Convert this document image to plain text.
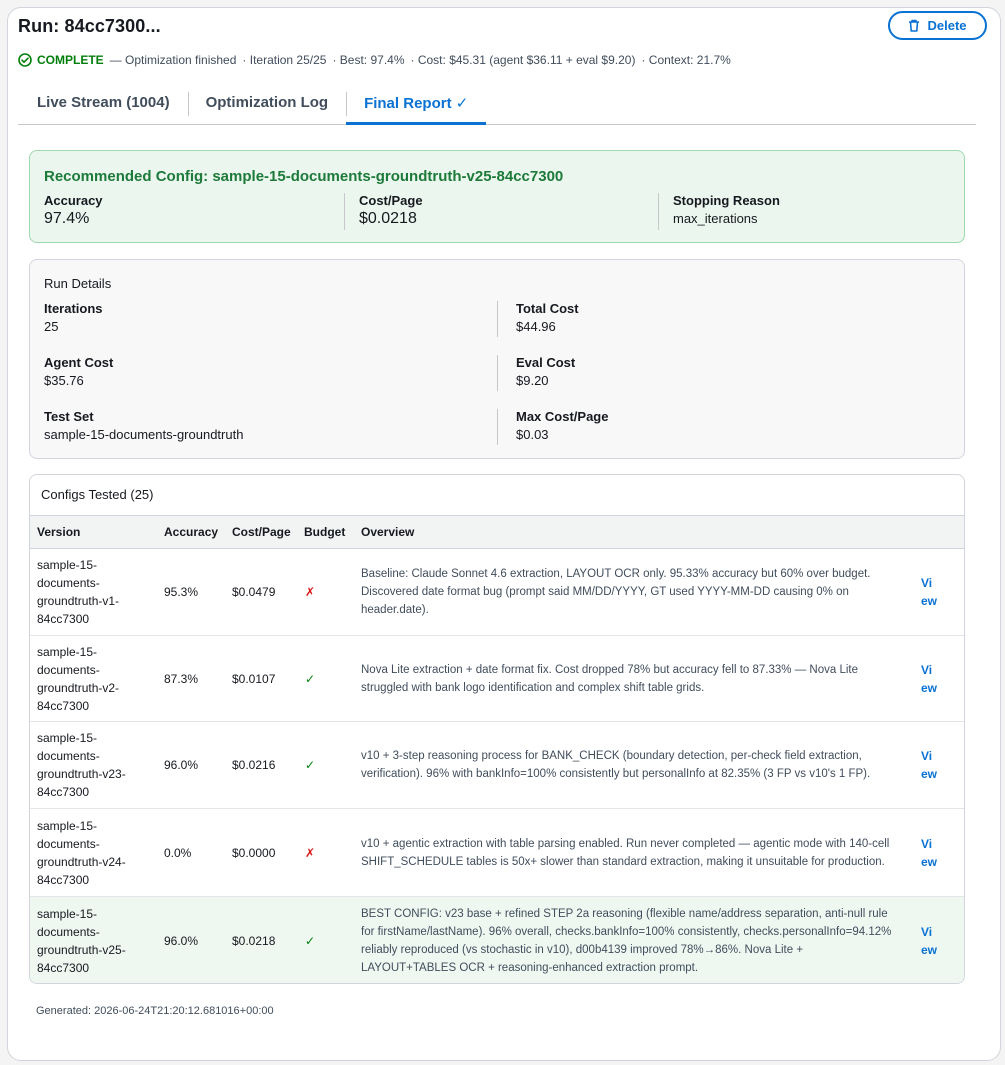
Run: 84cc7300...	Delete
COMPLETE — Optimization finished · Iteration 25/25 · Best: 97.4% · Cost: $45.31 (agent $36.11 + eval $9.20) · Context: 21.7%
Live Stream (1004)	Optimization Log	Final Report ✓
Recommended Config: sample-15-documents-groundtruth-v25-84cc7300
Accuracy
97.4%
Cost/Page
$0.0218
Stopping Reason
max_iterations
Run Details
Iterations
25
Total Cost
$44.96
Agent Cost
$35.76
Eval Cost
$9.20
Test Set
sample-15-documents-groundtruth
Max Cost/Page
$0.03
Configs Tested (25)
Version	Accuracy Cost/Page Budget Overview
sample-15-documents-groundtruth-v1-84cc7300
95.3%	$0.0479 ✗
Baseline: Claude Sonnet 4.6 extraction, LAYOUT OCR only. 95.33% accuracy but 60% over budget. Discovered date format bug (prompt said MM/DD/YYYY, GT used YYYY-MM-DD causing 0% on header.date).
View
sample-15-documents-groundtruth-v2-84cc7300
87.3%	$0.0107 ✓
Nova Lite extraction + date format fix. Cost dropped 78% but accuracy fell to 87.33% — Nova Lite struggled with bank logo identification and complex shift table grids.
View
sample-15-documents-groundtruth-v23-84cc7300
96.0%	$0.0216 ✓
v10 + 3-step reasoning process for BANK_CHECK (boundary detection, per-check field extraction, verification). 96% with bankInfo=100% consistently but personalInfo at 82.35% (3 FP vs v10's 1 FP).
View
sample-15-documents-groundtruth-v24-84cc7300
0.0%	$0.0000 ✗
v10 + agentic extraction with table parsing enabled. Run never completed — agentic mode with 140-cell SHIFT_SCHEDULE tables is 50x+ slower than standard extraction, making it unsuitable for production.
View
sample-15-documents-groundtruth-v25-84cc7300
96.0%	$0.0218 ✓
BEST CONFIG: v23 base + refined STEP 2a reasoning (flexible name/address separation, anti-null rule for firstName/lastName). 96% overall, checks.bankInfo=100% consistently, checks.personalInfo=94.12% reliably reproduced (vs stochastic in v10), d00b4139 improved 78%→86%. Nova Lite + LAYOUT+TABLES OCR + reasoning-enhanced extraction prompt.
View
Generated: 2026-06-24T21:20:12.681016+00:00
